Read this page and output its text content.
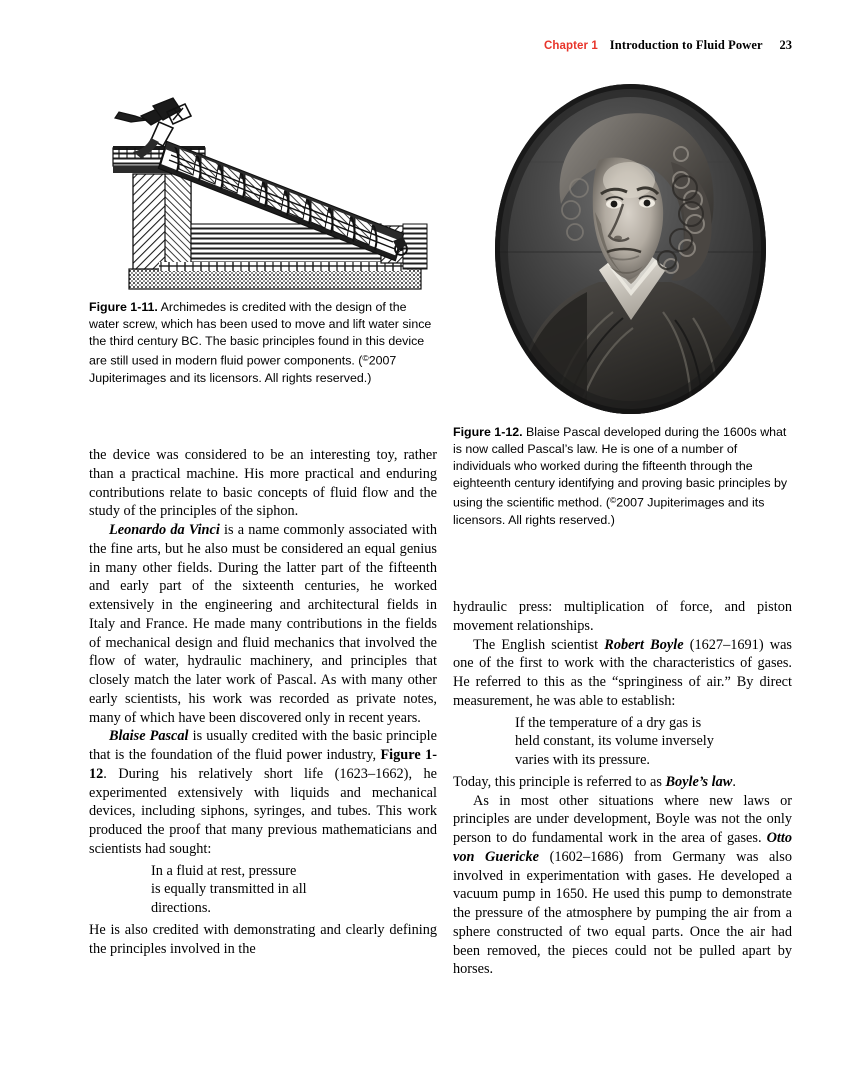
Chapter 1 Introduction to Fluid Power 23
Figure 1-11. Archimedes is credited with the design of the water screw, which has been used to move and lift water since the third century BC. The basic principles found in this device are still used in modern fluid power components. (©2007 Jupiterimages and its licensors. All rights reserved.)
Figure 1-12. Blaise Pascal developed during the 1600s what is now called Pascal’s law. He is one of a number of individuals who worked during the fifteenth through the eighteenth century identifying and proving basic principles by using the scientific method. (©2007 Jupiterimages and its licensors. All rights reserved.)

the device was considered to be an interesting toy, rather than a practical machine. His more practical and enduring contributions relate to basic concepts of fluid flow and the study of the principles of the siphon.

Leonardo da Vinci is a name commonly associated with the fine arts, but he also must be considered an equal genius in many other fields. During the latter part of the fifteenth and early part of the sixteenth centuries, he worked extensively in the engineering and architectural fields in Italy and France. He made many contributions in the fields of mechanical design and fluid mechanics that involved the flow of water, hydraulic machinery, and principles that closely match the later work of Pascal. As with many other early scientists, his work was recorded as private notes, many of which have been discovered only in recent years.

Blaise Pascal is usually credited with the basic principle that is the foundation of the fluid power industry, Figure 1-12. During his relatively short life (1623–1662), he experimented extensively with liquids and mechanical devices, including siphons, syringes, and tubes. This work produced the proof that many previous mathematicians and scientists had sought:

In a fluid at rest, pressure
is equally transmitted in all
directions.

He is also credited with demonstrating and clearly defining the principles involved in the

hydraulic press: multiplication of force, and piston movement relationships.

The English scientist Robert Boyle (1627–1691) was one of the first to work with the characteristics of gases. He referred to this as the “springiness of air.” By direct measurement, he was able to establish:

If the temperature of a dry gas is
held constant, its volume inversely
varies with its pressure.

Today, this principle is referred to as Boyle’s law.

As in most other situations where new laws or principles are under development, Boyle was not the only person to do fundamental work in the area of gases. Otto von Guericke (1602–1686) from Germany was also involved in experimentation with gases. He developed a vacuum pump in 1650. He used this pump to demonstrate the pressure of the atmosphere by pumping the air from a sphere constructed of two equal parts. Once the air had been removed, the pieces could not be pulled apart by horses.
